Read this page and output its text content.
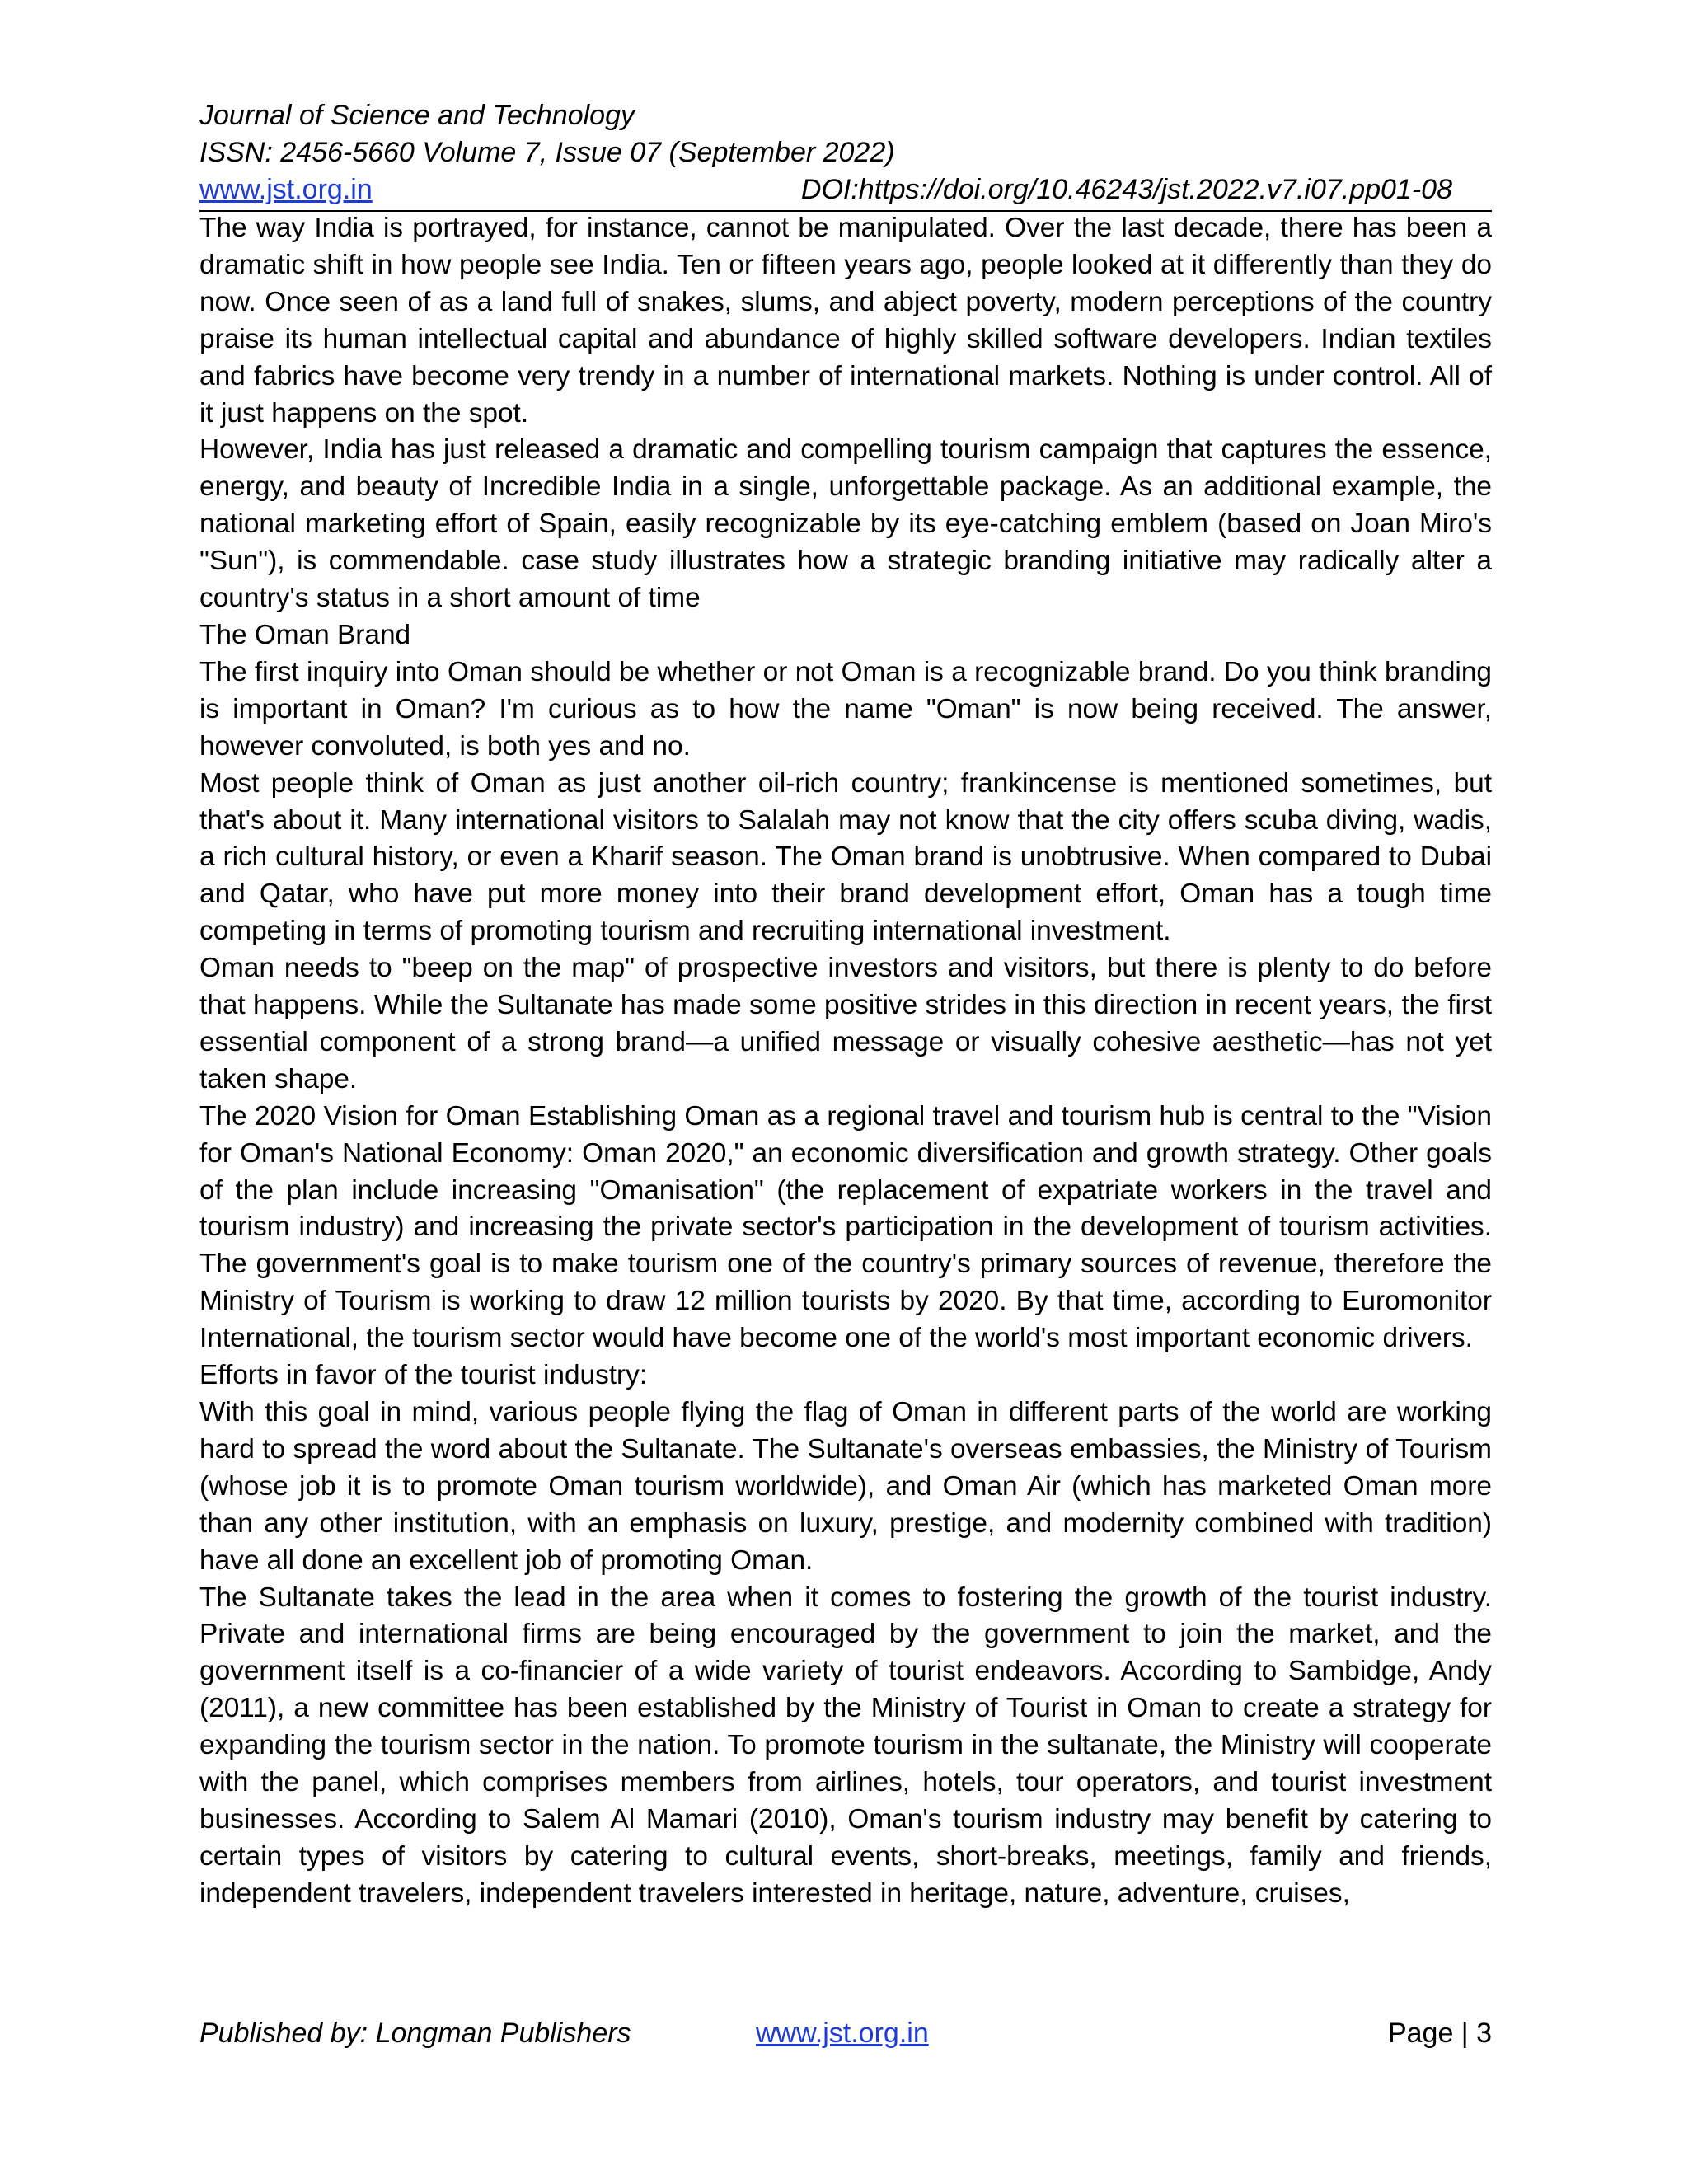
Journal of Science and Technology
ISSN: 2456-5660 Volume 7, Issue 07 (September 2022)
www.jst.org.in	DOI:https://doi.org/10.46243/jst.2022.v7.i07.pp01-08

The way India is portrayed, for instance, cannot be manipulated. Over the last decade, there has been a dramatic shift in how people see India. Ten or fifteen years ago, people looked at it differently than they do now. Once seen of as a land full of snakes, slums, and abject poverty, modern perceptions of the country praise its human intellectual capital and abundance of highly skilled software developers. Indian textiles and fabrics have become very trendy in a number of international markets. Nothing is under control. All of it just happens on the spot.

However, India has just released a dramatic and compelling tourism campaign that captures the essence, energy, and beauty of Incredible India in a single, unforgettable package. As an additional example, the national marketing effort of Spain, easily recognizable by its eye-catching emblem (based on Joan Miro's "Sun"), is commendable. case study illustrates how a strategic branding initiative may radically alter a country's status in a short amount of time

The Oman Brand

The first inquiry into Oman should be whether or not Oman is a recognizable brand. Do you think branding is important in Oman? I'm curious as to how the name "Oman" is now being received. The answer, however convoluted, is both yes and no.

Most people think of Oman as just another oil-rich country; frankincense is mentioned sometimes, but that's about it. Many international visitors to Salalah may not know that the city offers scuba diving, wadis, a rich cultural history, or even a Kharif season. The Oman brand is unobtrusive. When compared to Dubai and Qatar, who have put more money into their brand development effort, Oman has a tough time competing in terms of promoting tourism and recruiting international investment.

Oman needs to "beep on the map" of prospective investors and visitors, but there is plenty to do before that happens. While the Sultanate has made some positive strides in this direction in recent years, the first essential component of a strong brand—a unified message or visually cohesive aesthetic—has not yet taken shape.

The 2020 Vision for Oman Establishing Oman as a regional travel and tourism hub is central to the "Vision for Oman's National Economy: Oman 2020," an economic diversification and growth strategy. Other goals of the plan include increasing "Omanisation" (the replacement of expatriate workers in the travel and tourism industry) and increasing the private sector's participation in the development of tourism activities. The government's goal is to make tourism one of the country's primary sources of revenue, therefore the Ministry of Tourism is working to draw 12 million tourists by 2020. By that time, according to Euromonitor International, the tourism sector would have become one of the world's most important economic drivers.

Efforts in favor of the tourist industry:

With this goal in mind, various people flying the flag of Oman in different parts of the world are working hard to spread the word about the Sultanate. The Sultanate's overseas embassies, the Ministry of Tourism (whose job it is to promote Oman tourism worldwide), and Oman Air (which has marketed Oman more than any other institution, with an emphasis on luxury, prestige, and modernity combined with tradition) have all done an excellent job of promoting Oman.

The Sultanate takes the lead in the area when it comes to fostering the growth of the tourist industry. Private and international firms are being encouraged by the government to join the market, and the government itself is a co-financier of a wide variety of tourist endeavors. According to Sambidge, Andy (2011), a new committee has been established by the Ministry of Tourist in Oman to create a strategy for expanding the tourism sector in the nation. To promote tourism in the sultanate, the Ministry will cooperate with the panel, which comprises members from airlines, hotels, tour operators, and tourist investment businesses. According to Salem Al Mamari (2010), Oman's tourism industry may benefit by catering to certain types of visitors by catering to cultural events, short-breaks, meetings, family and friends, independent travelers, independent travelers interested in heritage, nature, adventure, cruises,

Published by: Longman Publishers	www.jst.org.in	Page | 3
